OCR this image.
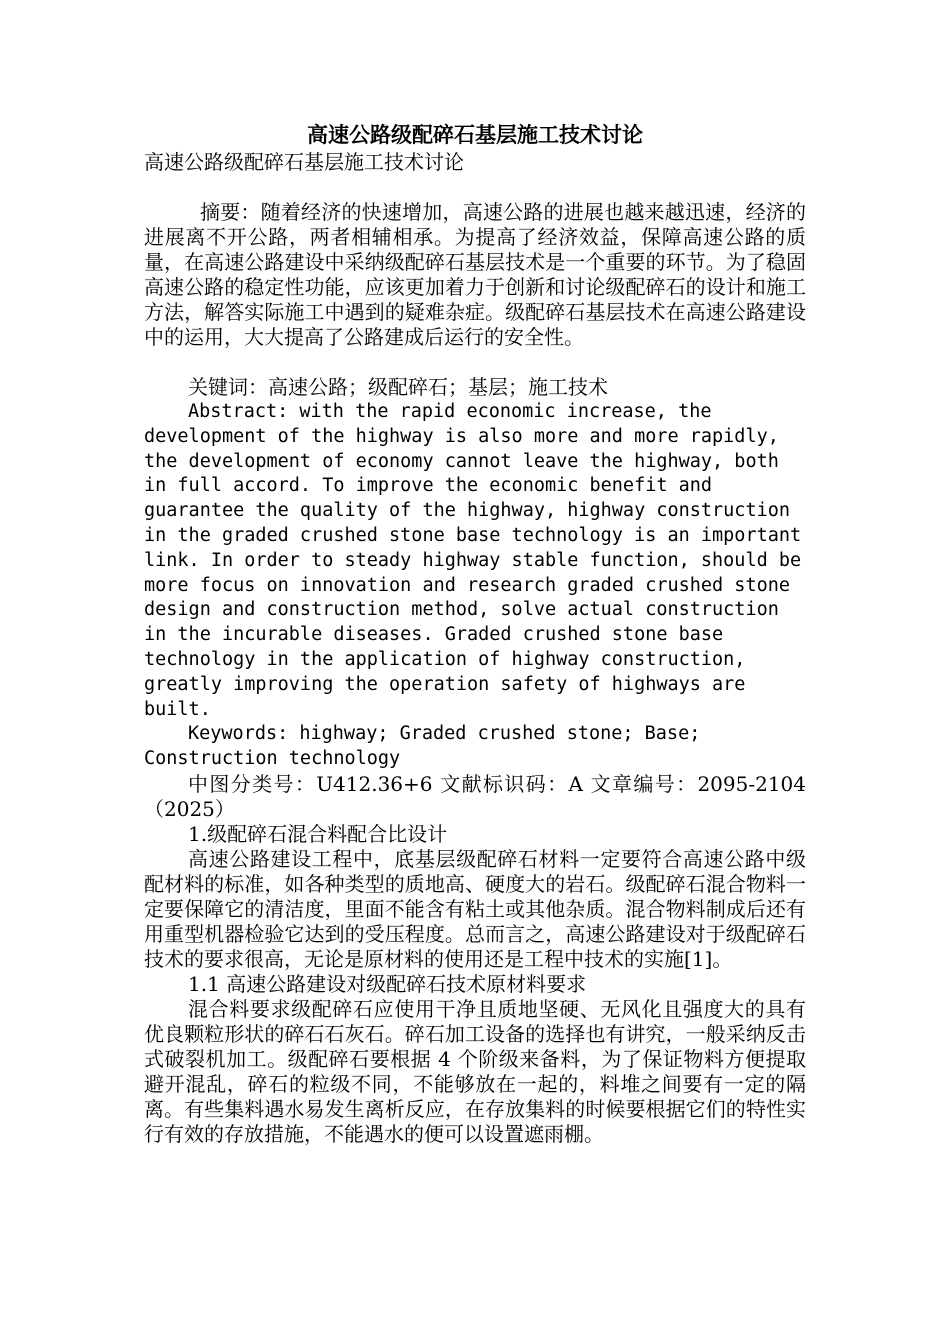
高速公路级配碎石基层施工技术讨论

高速公路级配碎石基层施工技术讨论

摘要：随着经济的快速增加，高速公路的进展也越来越迅速，经济的进展离不开公路，两者相辅相承。为提高了经济效益，保障高速公路的质量，在高速公路建设中采纳级配碎石基层技术是一个重要的环节。为了稳固高速公路的稳定性功能，应该更加着力于创新和讨论级配碎石的设计和施工方法，解答实际施工中遇到的疑难杂症。级配碎石基层技术在高速公路建设中的运用，大大提高了公路建成后运行的安全性。

关键词：高速公路；级配碎石；基层；施工技术

Abstract: with the rapid economic increase, the development of the highway is also more and more rapidly, the development of economy cannot leave the highway, both in full accord. To improve the economic benefit and guarantee the quality of the highway, highway construction in the graded crushed stone base technology is an important link. In order to steady highway stable function, should be more focus on innovation and research graded crushed stone design and construction method, solve actual construction in the incurable diseases. Graded crushed stone base technology in the application of highway construction, greatly improving the operation safety of highways are built.

Keywords: highway; Graded crushed stone; Base; Construction technology

中图分类号：U412.36+6 文献标识码：A 文章编号：2095-2104（2025）

1.级配碎石混合料配合比设计

高速公路建设工程中，底基层级配碎石材料一定要符合高速公路中级配材料的标准，如各种类型的质地高、硬度大的岩石。级配碎石混合物料一定要保障它的清洁度，里面不能含有粘土或其他杂质。混合物料制成后还有用重型机器检验它达到的受压程度。总而言之，高速公路建设对于级配碎石技术的要求很高，无论是原材料的使用还是工程中技术的实施[1]。

1.1 高速公路建设对级配碎石技术原材料要求

混合料要求级配碎石应使用干净且质地坚硬、无风化且强度大的具有优良颗粒形状的碎石石灰石。碎石加工设备的选择也有讲究，一般采纳反击式破裂机加工。级配碎石要根据 4 个阶级来备料，为了保证物料方便提取避开混乱，碎石的粒级不同，不能够放在一起的，料堆之间要有一定的隔离。有些集料遇水易发生离析反应，在存放集料的时候要根据它们的特性实行有效的存放措施，不能遇水的便可以设置遮雨棚。
